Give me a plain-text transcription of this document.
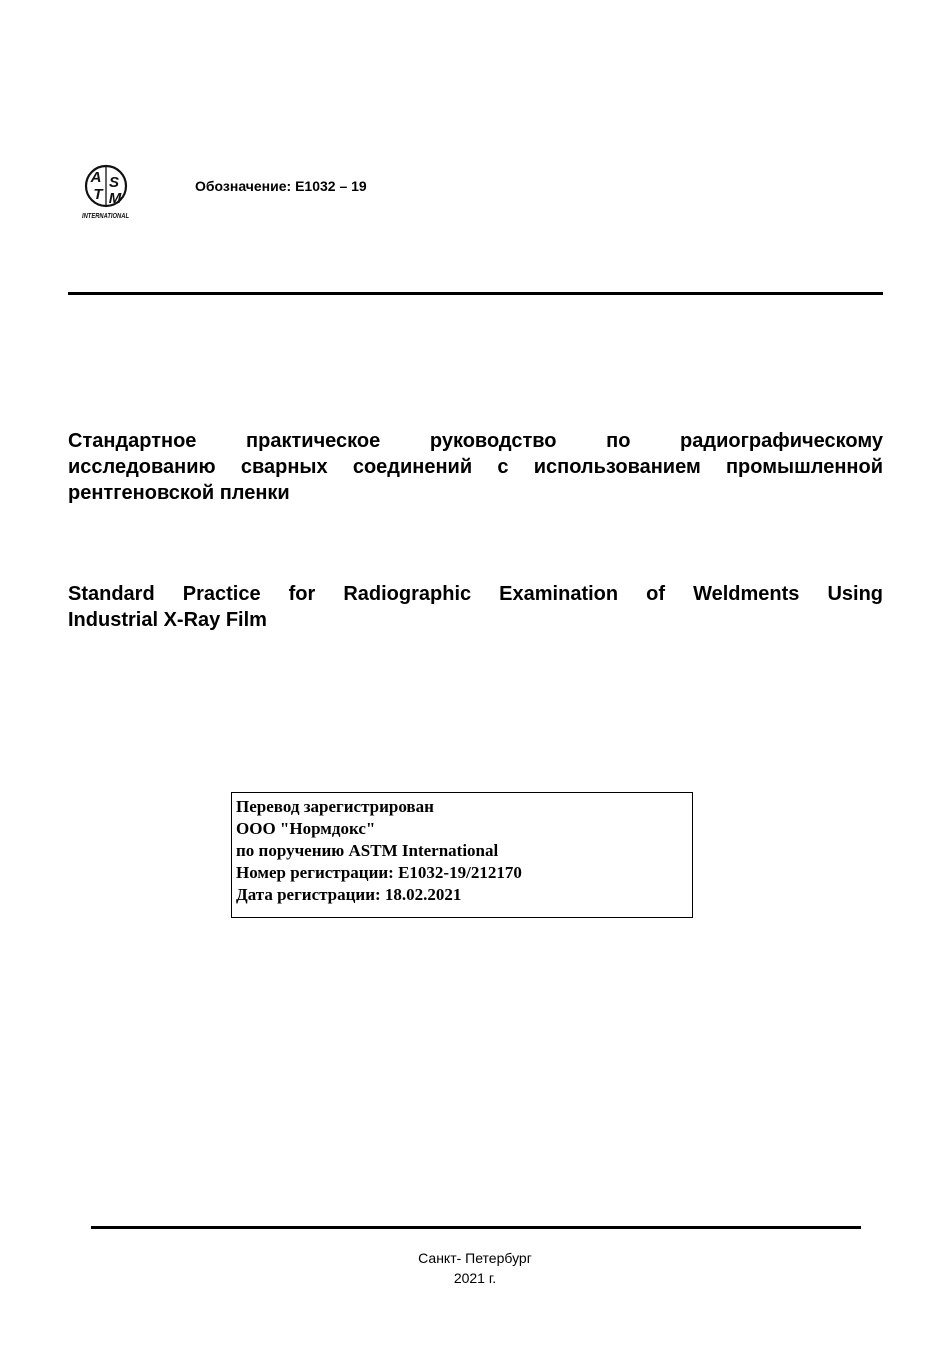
A S
T M
INTERNATIONAL
Обозначение: E1032 – 19
Стандартное практическое руководство по радиографическому
исследованию сварных соединений с использованием промышленной
рентгеновской пленки
Standard Practice for Radiographic Examination of Weldments Using
Industrial X-Ray Film
Перевод зарегистрирован
ООО "Нормдокс"
по поручению ASTM International
Номер регистрации: E1032-19/212170
Дата регистрации: 18.02.2021
Санкт- Петербург
2021 г.
